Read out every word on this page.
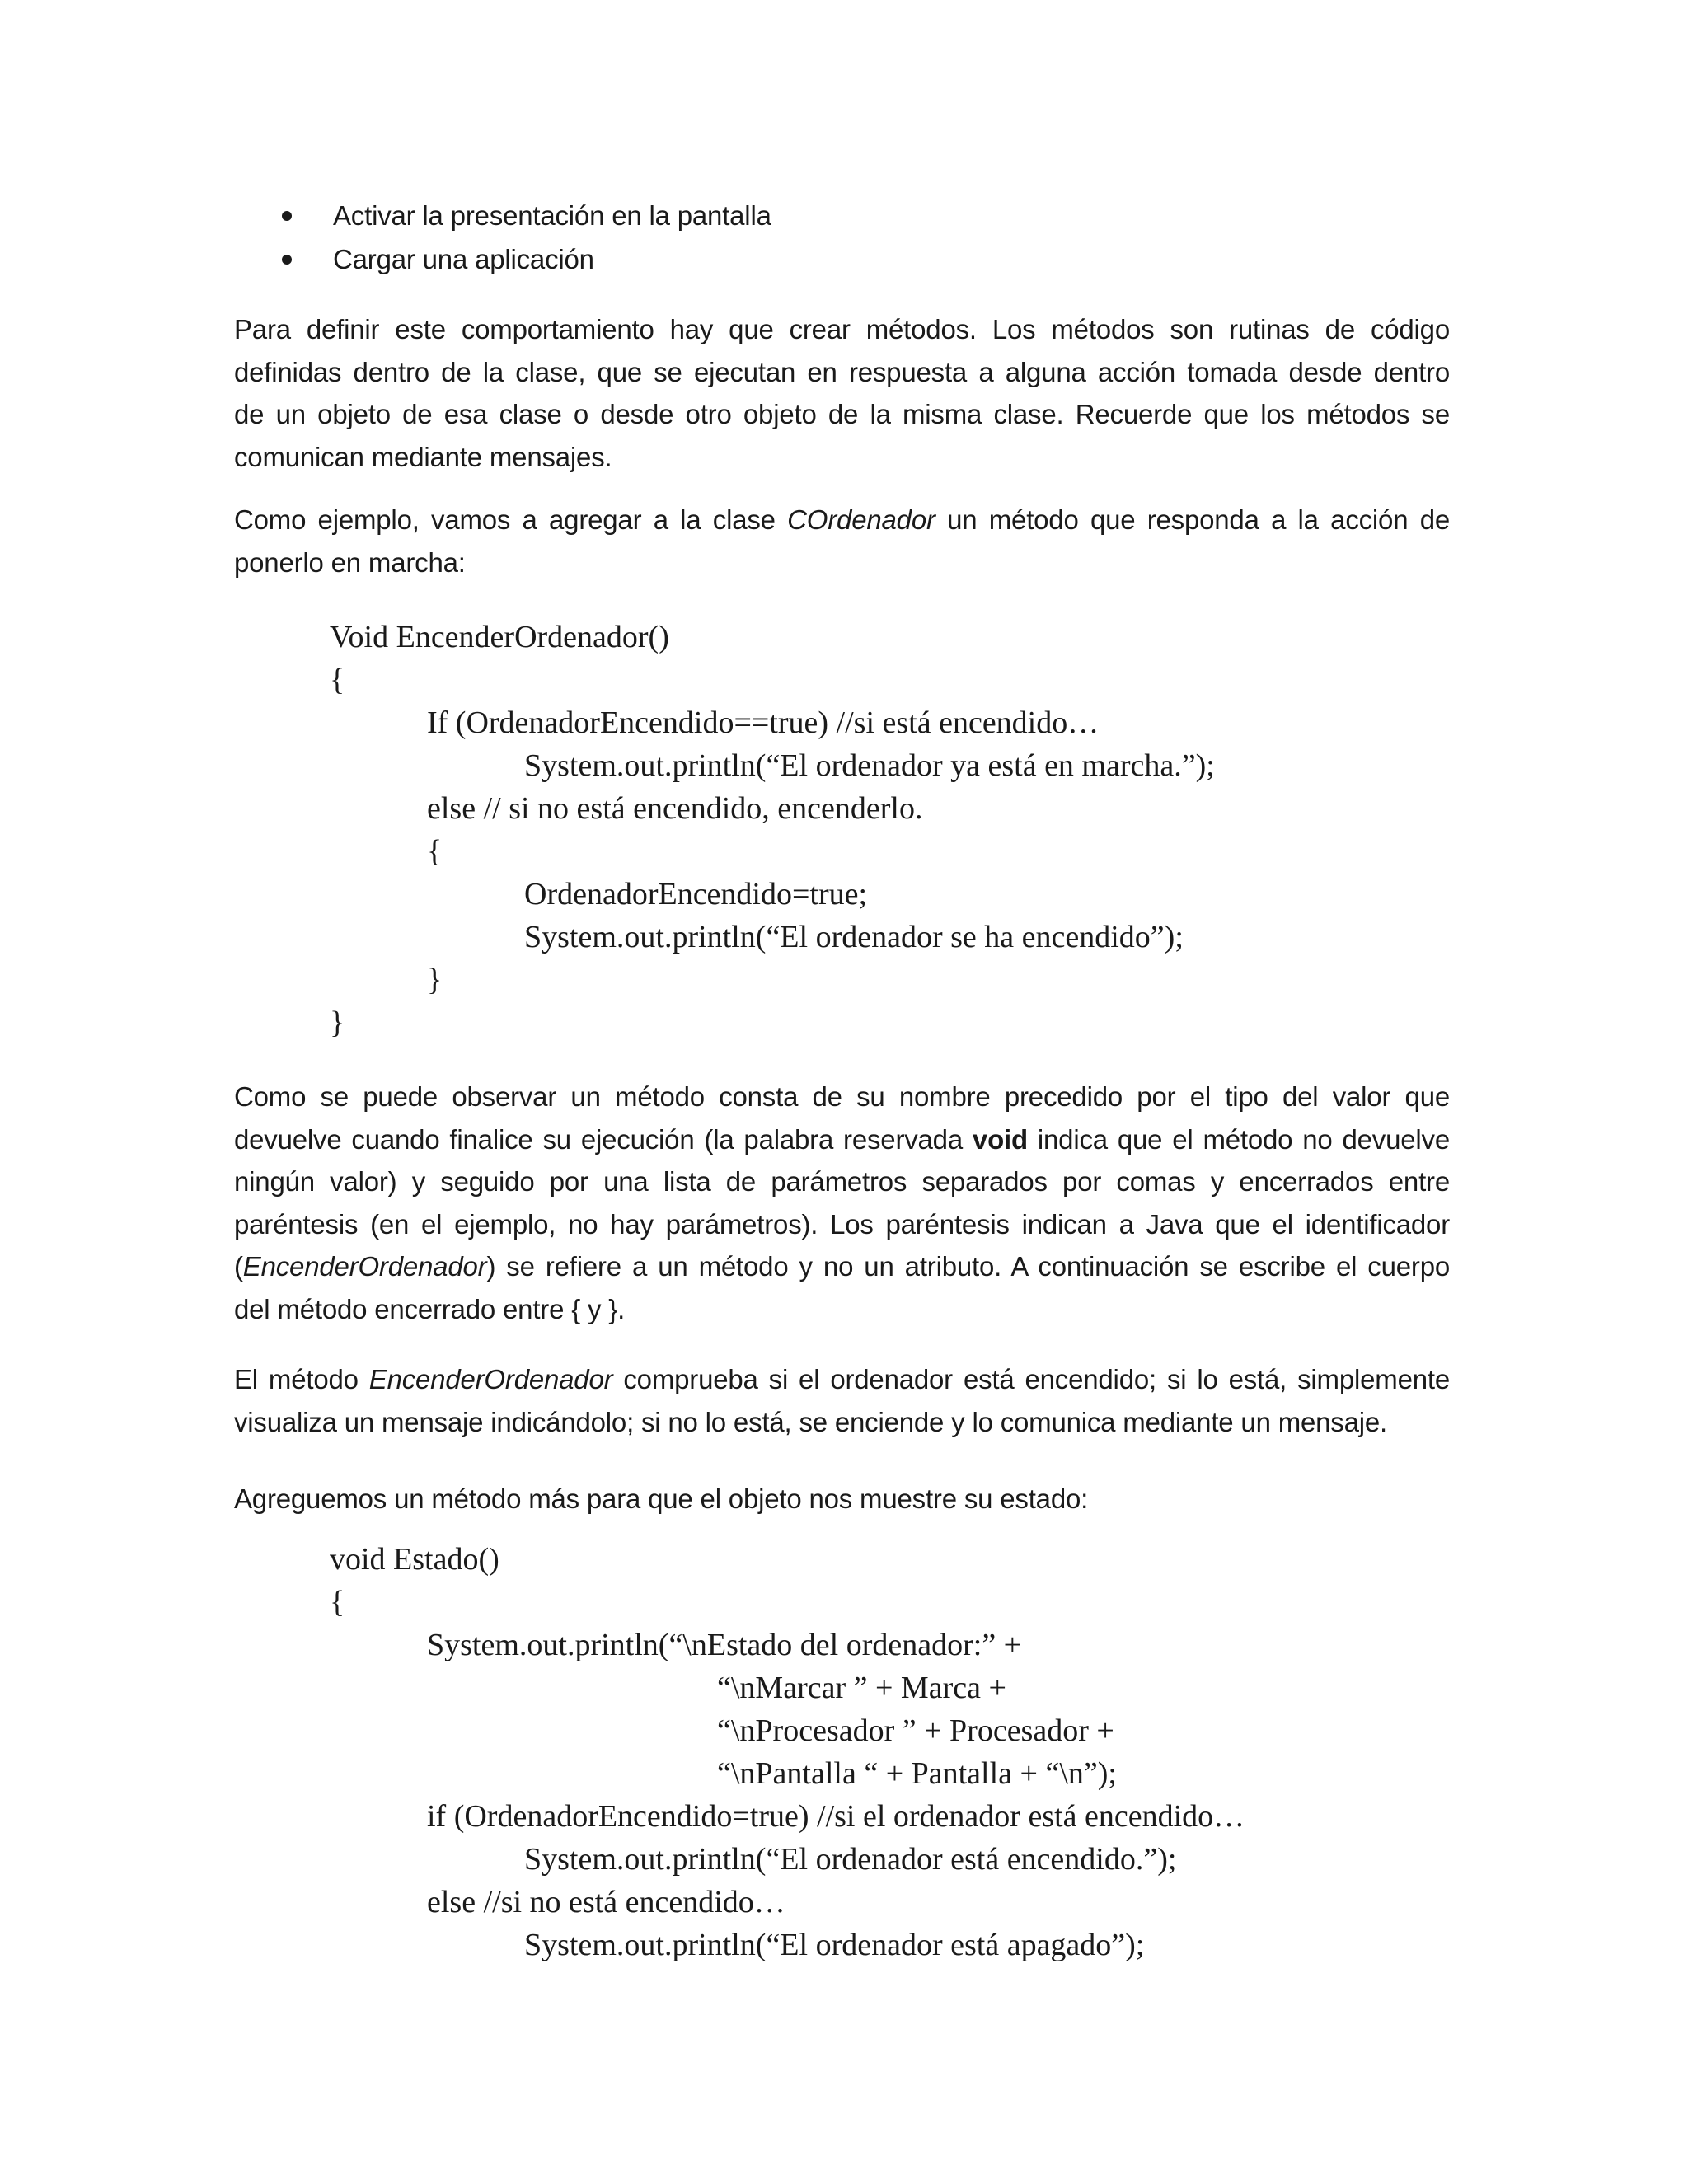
Activar la presentación en la pantalla
Cargar una aplicación
Para definir este comportamiento hay que crear métodos. Los métodos son rutinas de código
definidas dentro de la clase, que se ejecutan en respuesta a alguna acción tomada desde dentro
de un objeto de esa clase o desde otro objeto de la misma clase. Recuerde que los métodos se
comunican mediante mensajes.
Como ejemplo, vamos a agregar a la clase COrdenador un método que responda a la acción de
ponerlo en marcha:
Void EncenderOrdenador()
{
If (OrdenadorEncendido==true) //si está encendido…
System.out.println(“El ordenador ya está en marcha.”);
else // si no está encendido, encenderlo.
{
OrdenadorEncendido=true;
System.out.println(“El ordenador se ha encendido”);
}
}
Como se puede observar un método consta de su nombre precedido por el tipo del valor que
devuelve cuando finalice su ejecución (la palabra reservada void indica que el método no devuelve
ningún valor) y seguido por una lista de parámetros separados por comas y encerrados entre
paréntesis (en el ejemplo, no hay parámetros). Los paréntesis indican a Java que el identificador
(EncenderOrdenador) se refiere a un método y no un atributo. A continuación se escribe el cuerpo
del método encerrado entre { y }.
El método EncenderOrdenador comprueba si el ordenador está encendido; si lo está, simplemente
visualiza un mensaje indicándolo; si no lo está, se enciende y lo comunica mediante un mensaje.
Agreguemos un método más para que el objeto nos muestre su estado:
void Estado()
{
System.out.println(“\nEstado del ordenador:” +
“\nMarcar ” + Marca +
“\nProcesador ” + Procesador +
“\nPantalla “ + Pantalla + “\n”);
if (OrdenadorEncendido=true) //si el ordenador está encendido…
System.out.println(“El ordenador está encendido.”);
else //si no está encendido…
System.out.println(“El ordenador está apagado”);
